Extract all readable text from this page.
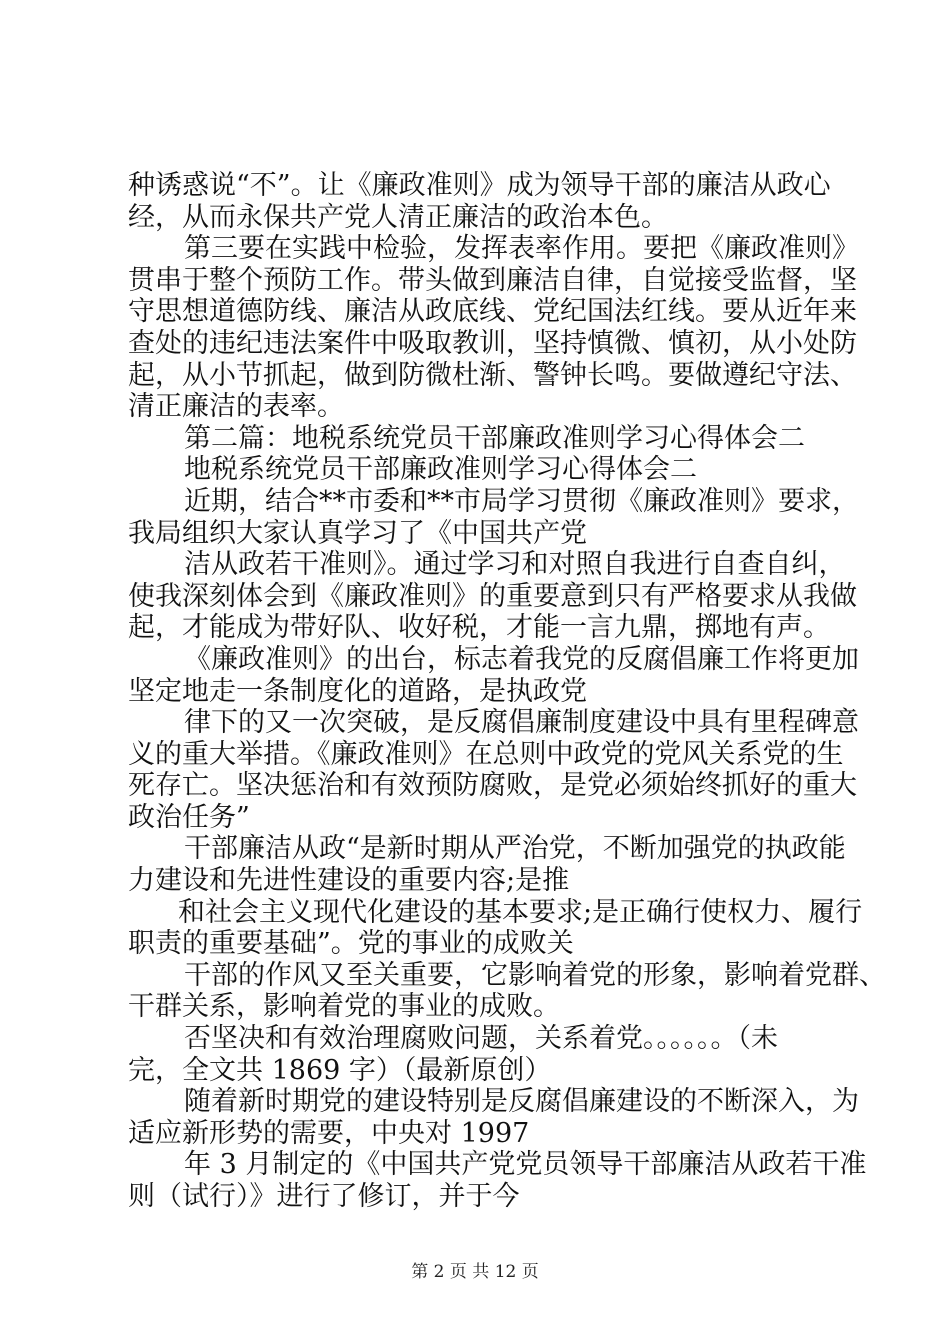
种诱惑说“不”。让《廉政准则》成为领导干部的廉洁从政心
经，从而永保共产党人清正廉洁的政治本色。
第三要在实践中检验，发挥表率作用。要把《廉政准则》
贯串于整个预防工作。带头做到廉洁自律，自觉接受监督，坚
守思想道德防线、廉洁从政底线、党纪国法红线。要从近年来
查处的违纪违法案件中吸取教训，坚持慎微、慎初，从小处防
起，从小节抓起，做到防微杜渐、警钟长鸣。要做遵纪守法、
清正廉洁的表率。
第二篇：地税系统党员干部廉政准则学习心得体会二
地税系统党员干部廉政准则学习心得体会二
近期，结合**市委和**市局学习贯彻《廉政准则》要求，
我局组织大家认真学习了《中国共产党
洁从政若干准则》。通过学习和对照自我进行自查自纠，
使我深刻体会到《廉政准则》的重要意到只有严格要求从我做
起，才能成为带好队、收好税，才能一言九鼎，掷地有声。
《廉政准则》的出台，标志着我党的反腐倡廉工作将更加
坚定地走一条制度化的道路，是执政党
律下的又一次突破，是反腐倡廉制度建设中具有里程碑意
义的重大举措。《廉政准则》在总则中政党的党风关系党的生
死存亡。坚决惩治和有效预防腐败，是党必须始终抓好的重大
政治任务”
干部廉洁从政“是新时期从严治党，不断加强党的执政能
力建设和先进性建设的重要内容;是推
和社会主义现代化建设的基本要求;是正确行使权力、履行
职责的重要基础”。党的事业的成败关
干部的作风又至关重要，它影响着党的形象，影响着党群、
干群关系，影响着党的事业的成败。
否坚决和有效治理腐败问题，关系着党。。。。。。（未
完，全文共 1869 字）（最新原创）
随着新时期党的建设特别是反腐倡廉建设的不断深入，为
适应新形势的需要，中央对 1997
年 3 月制定的《中国共产党党员领导干部廉洁从政若干准
则（试行）》进行了修订，并于今
第 2 页 共 12 页
